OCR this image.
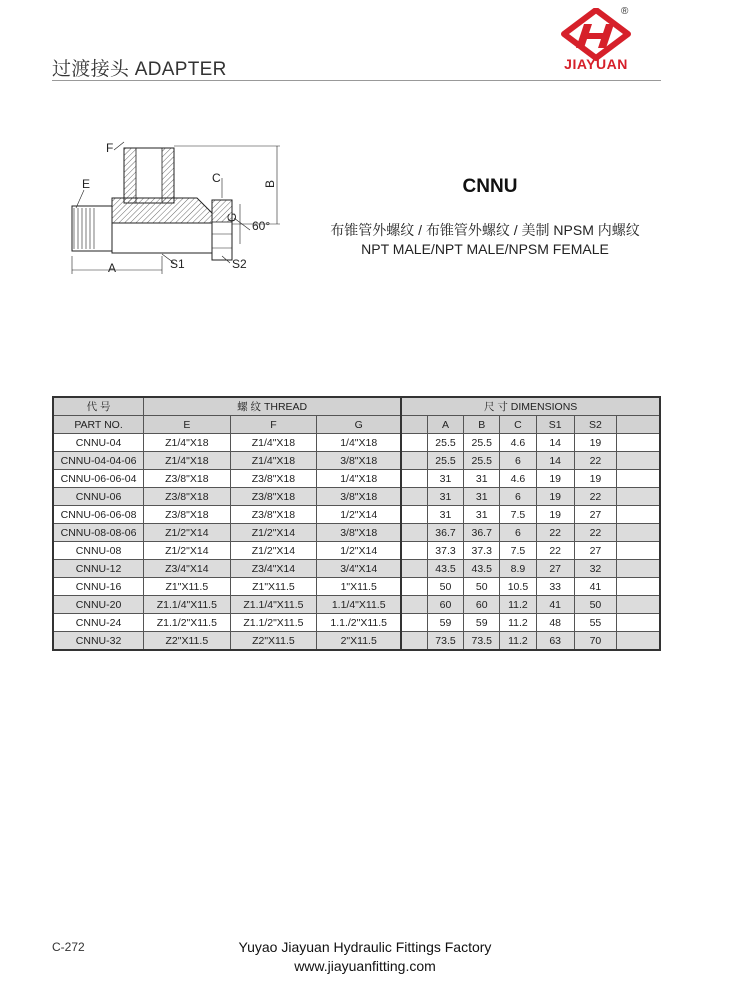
过渡接头 ADAPTER
®
JIAYUAN
F
E
A	S1	S2
C	B
G
60°
CNNU
布锥管外螺纹 / 布锥管外螺纹 / 美制 NPSM 内螺纹
NPT MALE/NPT MALE/NPSM FEMALE
代 号	螺 纹 THREAD			尺 寸 DIMENSIONS						
PART NO.	E	F	G		A	B	C	S1	S2	
CNNU-04	Z1/4"X18	Z1/4"X18	1/4"X18		25.5	25.5	4.6	14	19	
CNNU-04-04-06	Z1/4"X18	Z1/4"X18	3/8"X18		25.5	25.5	6	14	22	
CNNU-06-06-04	Z3/8"X18	Z3/8"X18	1/4"X18		31	31	4.6	19	19	
CNNU-06	Z3/8"X18	Z3/8"X18	3/8"X18		31	31	6	19	22	
CNNU-06-06-08	Z3/8"X18	Z3/8"X18	1/2"X14		31	31	7.5	19	27	
CNNU-08-08-06	Z1/2"X14	Z1/2"X14	3/8"X18		36.7	36.7	6	22	22	
CNNU-08	Z1/2"X14	Z1/2"X14	1/2"X14		37.3	37.3	7.5	22	27	
CNNU-12	Z3/4"X14	Z3/4"X14	3/4"X14		43.5	43.5	8.9	27	32	
CNNU-16	Z1"X11.5	Z1"X11.5	1"X11.5		50	50	10.5	33	41	
CNNU-20	Z1.1/4"X11.5	Z1.1/4"X11.5	1.1/4"X11.5		60	60	11.2	41	50	
CNNU-24	Z1.1/2"X11.5	Z1.1/2"X11.5	1.1./2"X11.5		59	59	11.2	48	55	
CNNU-32	Z2"X11.5	Z2"X11.5	2"X11.5		73.5	73.5	11.2	63	70	
C-272	Yuyao Jiayuan Hydraulic Fittings Factory
www.jiayuanfitting.com
